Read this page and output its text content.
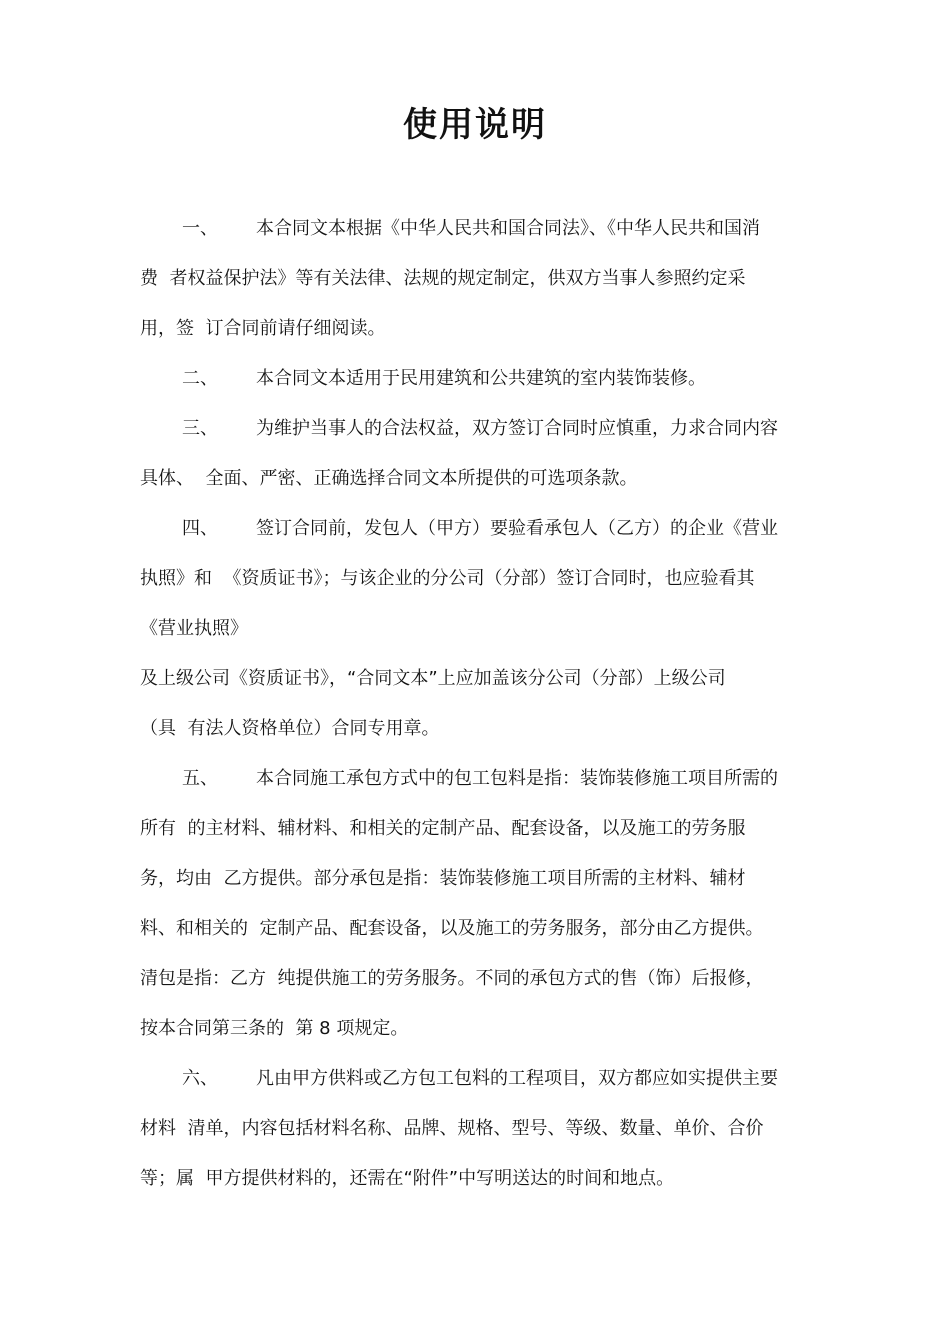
使用说明
一、 本合同文本根据《中华人民共和国合同法》、《中华人民共和国消
费  者权益保护法》等有关法律、法规的规定制定，供双方当事人参照约定采
用，签  订合同前请仔细阅读。
二、 本合同文本适用于民用建筑和公共建筑的室内装饰装修。
三、 为维护当事人的合法权益，双方签订合同时应慎重，力求合同内容
具体、  全面、严密、正确选择合同文本所提供的可选项条款。
四、 签订合同前，发包人（甲方）要验看承包人（乙方）的企业《营业
执照》和  《资质证书》；与该企业的分公司（分部）签订合同时，也应验看其
《营业执照》
及上级公司《资质证书》，“合同文本”上应加盖该分公司（分部）上级公司
（具  有法人资格单位）合同专用章。
五、 本合同施工承包方式中的包工包料是指：装饰装修施工项目所需的
所有  的主材料、辅材料、和相关的定制产品、配套设备，以及施工的劳务服
务，均由  乙方提供。部分承包是指：装饰装修施工项目所需的主材料、辅材
料、和相关的  定制产品、配套设备，以及施工的劳务服务，部分由乙方提供。
清包是指：乙方  纯提供施工的劳务服务。不同的承包方式的售（饰）后报修，
按本合同第三条的  第 8 项规定。
六、 凡由甲方供料或乙方包工包料的工程项目，双方都应如实提供主要
材料  清单，内容包括材料名称、品牌、规格、型号、等级、数量、单价、合价
等；属  甲方提供材料的，还需在“附件”中写明送达的时间和地点。
